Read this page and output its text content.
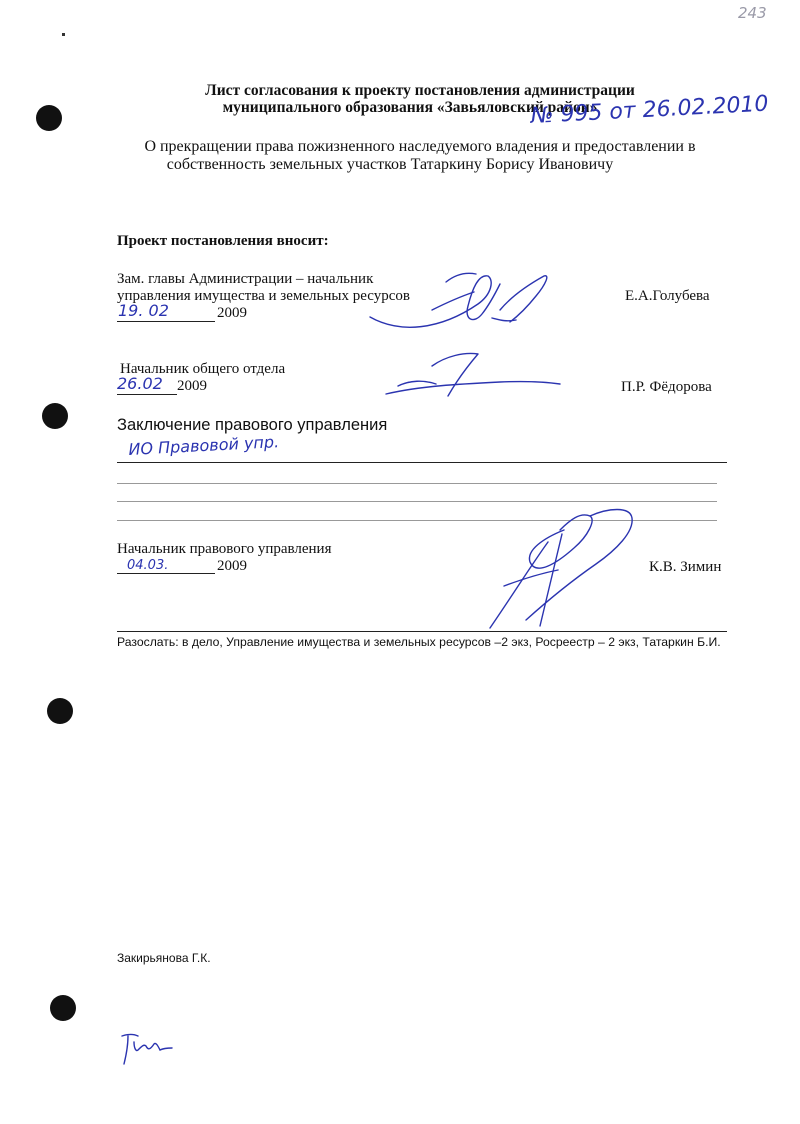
243
Лист согласования к проекту постановления администрации
муниципального образования «Завьяловский район»
№ 995 от 26.02.2010
О прекращении права пожизненного наследуемого владения и предоставлении в
собственность земельных участков Татаркину Борису Ивановичу
Проект постановления вносит:
Зам. главы Администрации – начальник
управления имущества и земельных ресурсов
19. 02	2009
Е.А.Голубева
Начальник общего отдела
26.02 2009	П.Р. Фёдорова
Заключение правового управления
ИО Правовой упр.
Начальник правового управления
04.03.	2009	К.В. Зимин
Разослать: в дело, Управление имущества и земельных ресурсов –2 экз, Росреестр – 2 экз, Татаркин Б.И.
Закирьянова Г.К.
